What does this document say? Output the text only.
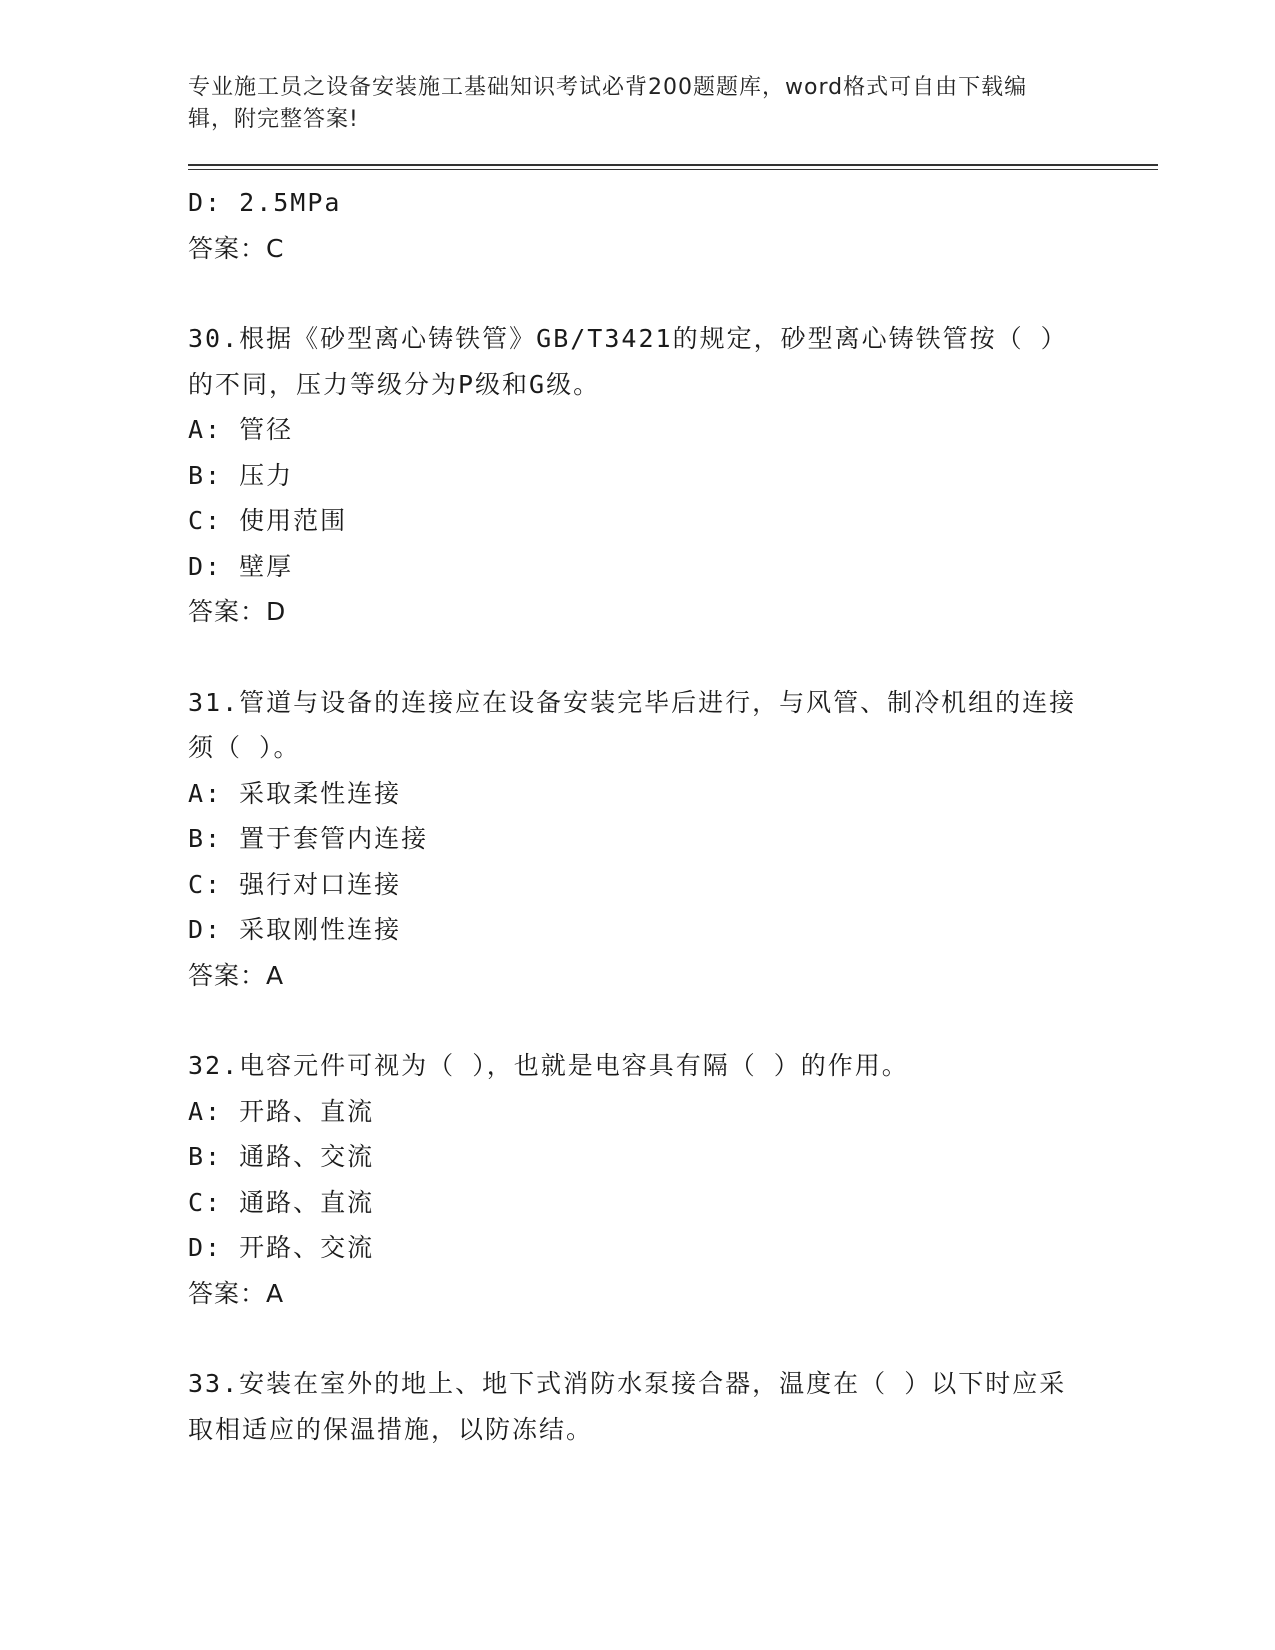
专业施工员之设备安装施工基础知识考试必背200题题库，word格式可自由下载编辑，附完整答案!
D: 2.5MPa
答案：C
30.根据《砂型离心铸铁管》GB/T3421的规定，砂型离心铸铁管按（ ）的不同，压力等级分为P级和G级。
A: 管径
B: 压力
C: 使用范围
D: 壁厚
答案：D
31.管道与设备的连接应在设备安装完毕后进行，与风管、制冷机组的连接须（ ）。
A: 采取柔性连接
B: 置于套管内连接
C: 强行对口连接
D: 采取刚性连接
答案：A
32.电容元件可视为（ ），也就是电容具有隔（ ）的作用。
A: 开路、直流
B: 通路、交流
C: 通路、直流
D: 开路、交流
答案：A
33.安装在室外的地上、地下式消防水泵接合器，温度在（ ）以下时应采取相适应的保温措施，以防冻结。
